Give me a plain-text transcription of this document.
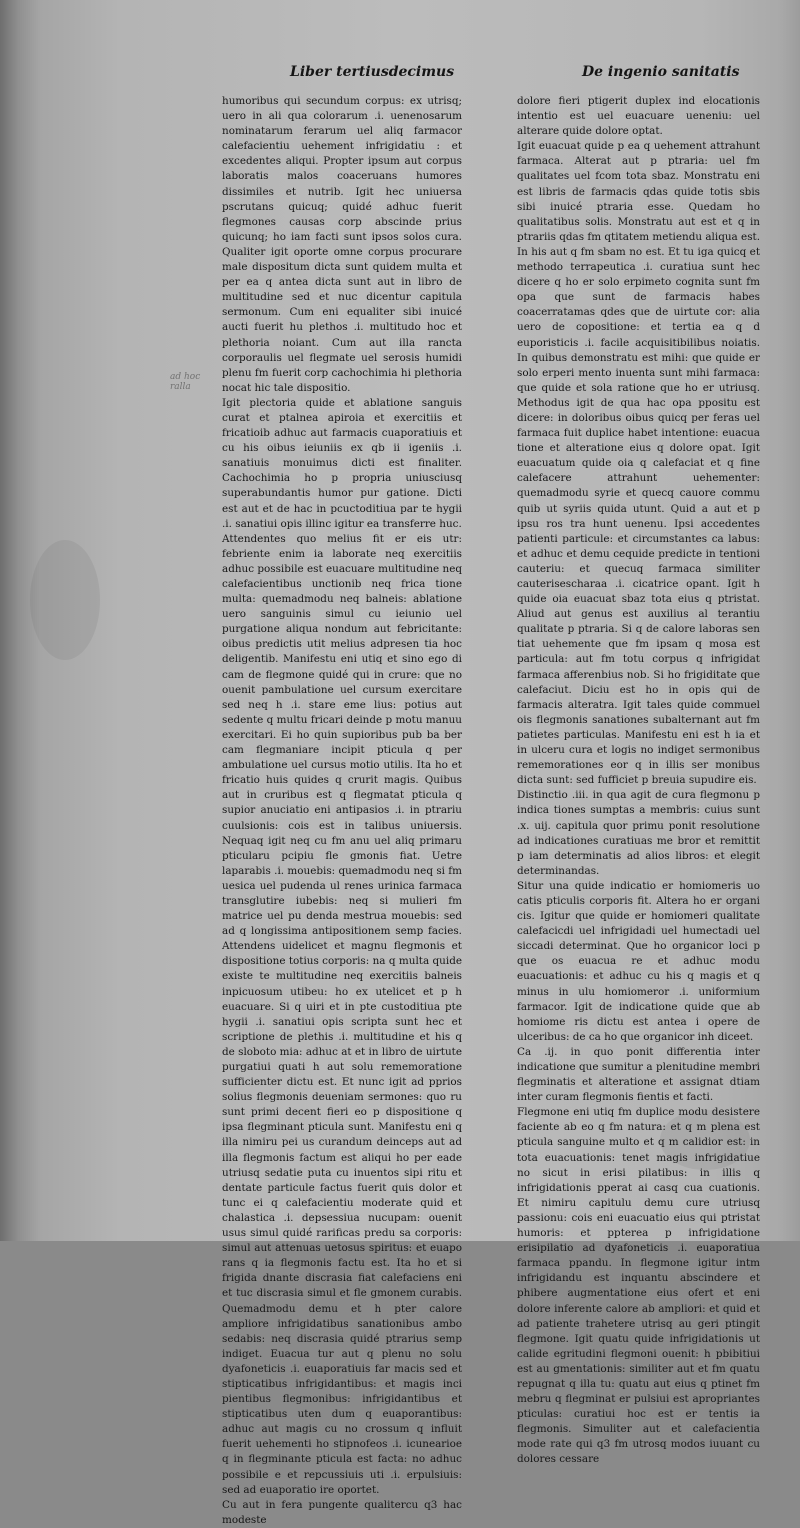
Liber tertiusdecimus	De ingenio sanitatis
ad hoc ralla

humoribus qui secundum corpus: ex utrisq; uero in ali qua colorarum .i. uenenosarum nominatarum ferarum uel aliq farmacor calefacientiu uehement infrigidatiu : et excedentes aliqui. Propter ipsum aut corpus laboratis malos coaceruans humores dissimiles et nutrib. Igit hec uniuersa pscrutans quicuq; quidé adhuc fuerit flegmones causas corp abscinde prius quicunq; ho iam facti sunt ipsos solos cura. Qualiter igit oporte omne corpus procurare male dispositum dicta sunt quidem multa et per ea q antea dicta sunt aut in libro de multitudine sed et nuc dicentur capitula sermonum. Cum eni equaliter sibi inuicé aucti fuerit hu plethos .i. multitudo hoc et plethoria noiant. Cum aut illa rancta corporaulis uel flegmate uel serosis humidi plenu fm fuerit corp cachochimia hi plethoria nocat hic tale dispositio.

Igit plectoria quide et ablatione sanguis curat et ptalnea apiroia et exercitiis et fricatioib adhuc aut farmacis cuaporatiuis et cu his oibus ieiuniis ex qb ii igeniis .i. sanatiuis monuimus dicti est finaliter. Cachochimia ho p propria uniusciusq superabundantis humor pur gatione. Dicti est aut et de hac in pcuctoditiua par te hygii .i. sanatiui opis illinc igitur ea transferre huc.

Attendentes quo melius fit er eis utr: febriente enim ia laborate neq exercitiis adhuc possibile est euacuare multitudine neq calefacientibus unctionib neq frica tione multa: quemadmodu neq balneis: ablatione uero sanguinis simul cu ieiunio uel purgatione aliqua nondum aut febricitante: oibus predictis utit melius adpresen tia hoc deligentib. Manifestu eni utiq et sino ego di cam de flegmone quidé qui in crure: que no ouenit pambulatione uel cursum exercitare sed neq h .i. stare eme lius: potius aut sedente q multu fricari deinde p motu manuu exercitari. Ei ho quin supioribus pub ba ber cam flegmaniare incipit pticula q per ambulatione uel cursus motio utilis. Ita ho et fricatio huis quides q crurit magis. Quibus aut in cruribus est q flegmatat pticula q supior anuciatio eni antipasios .i. in ptrariu cuulsionis: cois est in talibus uniuersis. Nequaq igit neq cu fm anu uel aliq primaru pticularu pcipiu fle gmonis fiat. Uetre laparabis .i. mouebis: quemadmodu neq si fm uesica uel pudenda ul renes urinica farmaca transglutire iubebis: neq si mulieri fm matrice uel pu denda mestrua mouebis: sed ad q longissima antipositionem semp facies. Attendens uidelicet et magnu flegmonis et dispositione totius corporis: na q multa quide existe te multitudine neq exercitiis balneis inpicuosum utibeu: ho ex utelicet et p h euacuare. Si q uiri et in pte custoditiua pte hygii .i. sanatiui opis scripta sunt hec et scriptione de plethis .i. multitudine et his q de sloboto mia: adhuc at et in libro de uirtute purgatiui quati h aut solu rememoratione sufficienter dictu est. Et nunc igit ad pprios solius flegmonis deueniam sermones: quo ru sunt primi decent fieri eo p dispositione q ipsa flegminant pticula sunt. Manifestu eni q illa nimiru pei us curandum deinceps aut ad illa flegmonis factum est aliqui ho per eade utriusq sedatie puta cu inuentos sipi ritu et dentate particule factus fuerit quis dolor et tunc ei q calefacientiu moderate quid et chalastica .i. depsessiua nucupam: ouenit usus simul quidé rarificas predu sa corporis: simul aut attenuas uetosus spiritus: et euapo rans q ia flegmonis factu est. Ita ho et si frigida dnante discrasia fiat calefaciens eni et tuc discrasia simul et fle gmonem curabis. Quemadmodu demu et h pter calore ampliore infrigidatibus sanationibus ambo sedabis: neq discrasia quidé ptrarius semp indiget. Euacua tur aut q plenu no solu dyafoneticis .i. euaporatiuis far macis sed et stipticatibus infrigidantibus: et magis inci pientibus flegmonibus: infrigidantibus et stipticatibus uten dum q euaporantibus: adhuc aut magis cu no crossum q influit fuerit uehementi ho stipnofeos .i. icunearioe q in flegminante pticula est facta: no adhuc possibile e et repcussiuis uti .i. erpulsiuis: sed ad euaporatio ire oportet.

Cu aut in fera pungente qualitercu q3 hac modeste

dolore fieri ptigerit duplex ind elocationis intentio est uel euacuare ueneniu: uel alterare quide dolore optat.

Igit euacuat quide p ea q uehement attrahunt farmaca. Alterat aut p ptraria: uel fm qualitates uel fcom tota sbaz. Monstratu eni est libris de farmacis qdas quide totis sbis sibi inuicé ptraria esse. Quedam ho qualitatibus solis. Monstratu aut est et q in ptrariis qdas fm qtitatem metiendu aliqua est. In his aut q fm sbam no est. Et tu iga quicq et methodo terrapeutica .i. curatiua sunt hec dicere q ho er solo erpimeto cognita sunt fm opa que sunt de farmacis habes coacerratamas qdes que de uirtute cor: alia uero de copositione: et tertia ea q d euporisticis .i. facile acquisitibilibus noiatis. In quibus demonstratu est mihi: que quide er solo erperi mento inuenta sunt mihi farmaca: que quide et sola ratione que ho er utriusq. Methodus igit de qua hac opa ppositu est dicere: in doloribus oibus quicq per feras uel farmaca fuit duplice habet intentione: euacua tione et alteratione eius q dolore opat. Igit euacuatum quide oia q calefaciat et q fine calefacere attrahunt uehementer: quemadmodu syrie et quecq cauore commu quib ut syriis quida utunt. Quid a aut et p ipsu ros tra hunt uenenu. Ipsi accedentes patienti particule: et circumstantes ca labus: et adhuc et demu cequide predicte in tentioni cauteriu: et quecuq farmaca similiter cauterisescharaa .i. cicatrice opant. Igit h quide oia euacuat sbaz tota eius q ptristat. Aliud aut genus est auxilius al terantiu qualitate p ptraria. Si q de calore laboras sen tiat uehemente que fm ipsam q mosa est particula: aut fm totu corpus q infrigidat farmaca afferenbius nob. Si ho frigiditate que calefaciut. Diciu est ho in opis qui de farmacis alteratra. Igit tales quide commuel ois flegmonis sanationes subalternant aut fm patietes particulas. Manifestu eni est h ia et in ulceru cura et logis no indiget sermonibus rememorationes eor q in illis ser monibus dicta sunt: sed fufficiet p breuia supudire eis.

Distinctio .iii. in qua agit de cura flegmonu p indica tiones sumptas a membris: cuius sunt .x. uij. capitula quor primu ponit resolutione ad indicationes curatiuas me bror et remittit p iam determinatis ad alios libros: et elegit determinandas.

Situr una quide indicatio er homiomeris uo catis pticulis corporis fit. Altera ho er organi cis. Igitur que quide er homiomeri qualitate calefacicdi uel infrigidadi uel humectadi uel siccadi determinat. Que ho organicor loci p que os euacua re et adhuc modu euacuationis: et adhuc cu his q magis et q minus in ulu homiomeror .i. uniformium farmacor. Igit de indicatione quide que ab homiome ris dictu est antea i opere de ulceribus: de ca ho que organicor inh diceet.

Ca .ij. in quo ponit differentia inter indicatione que sumitur a plenitudine membri flegminatis et alteratione et assignat dtiam inter curam flegmonis fientis et facti.

Flegmone eni utiq fm duplice modu desistere faciente ab eo q fm natura: et q m plena est pticula sanguine multo et q m calidior est: in tota euacuationis: tenet magis infrigidatiue no sicut in erisi pilatibus: in illis q infrigidationis pperat ai casq cua cuationis. Et nimiru capitulu demu cure utriusq passionu: cois eni euacuatio eius qui ptristat humoris: et ppterea p infrigidatione erisipilatio ad dyafoneticis .i. euaporatiua farmaca ppandu. In flegmone igitur intm infrigidandu est inquantu abscindere et phibere augmentatione eius ofert et eni dolore inferente calore ab ampliori: et quid et ad patiente trahetere utrisq au geri ptingit flegmone. Igit quatu quide infrigidationis ut calide egritudini flegmoni ouenit: h pbibitiui est au gmentationis: similiter aut et fm quatu repugnat q illa tu: quatu aut eius q ptinet fm mebru q flegminat er pulsiui est apropriantes pticulas: curatiui hoc est er tentis ia flegmonis. Simuliter aut et calefacientia mode rate qui q3 fm utrosq modos iuuant cu dolores cessare
